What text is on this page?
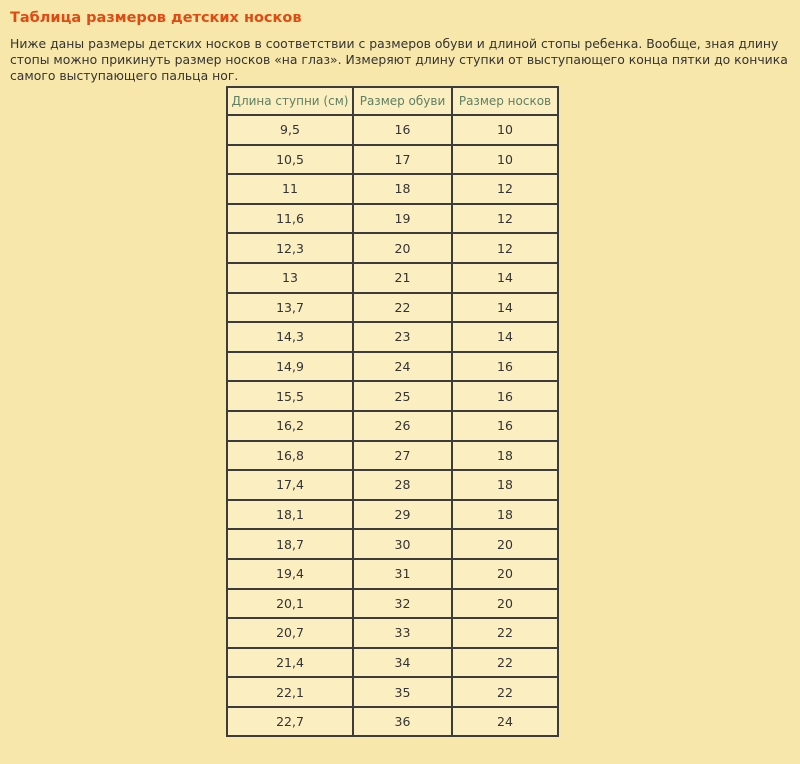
Таблица размеров детских носков

Ниже даны размеры детских носков в соответствии с размеров обуви и длиной стопы ребенка. Вообще, зная длину стопы можно прикинуть размер носков «на глаз». Измеряют длину ступки от выступающего конца пятки до кончика самого выступающего пальца ног.

Длина ступни (см)	Размер обуви	Размер носков
9,5	16	10
10,5	17	10
11	18	12
11,6	19	12
12,3	20	12
13	21	14
13,7	22	14
14,3	23	14
14,9	24	16
15,5	25	16
16,2	26	16
16,8	27	18
17,4	28	18
18,1	29	18
18,7	30	20
19,4	31	20
20,1	32	20
20,7	33	22
21,4	34	22
22,1	35	22
22,7	36	24
